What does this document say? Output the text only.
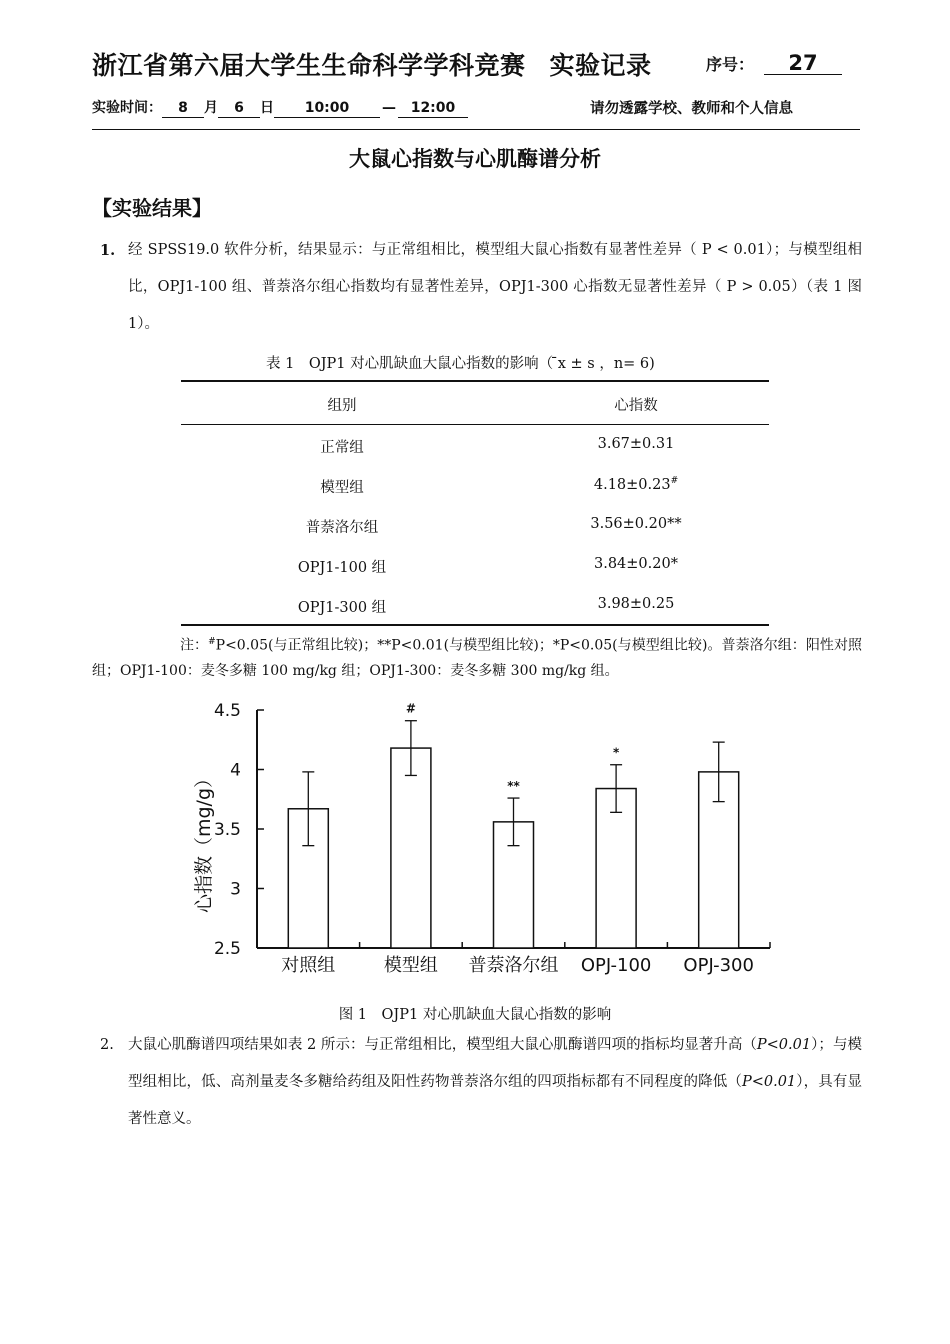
浙江省第六届大学生生命科学学科竞赛 实验记录	序号： 27
实验时间： 8 月 6 日 10:00 — 12:00	请勿透露学校、教师和个人信息
大鼠心指数与心肌酶谱分析
【实验结果】
1. 经 SPSS19.0 软件分析，结果显示：与正常组相比，模型组大鼠心指数有显著性差异（ P < 0.01）；与模型组相比，OPJ1-100 组、普萘洛尔组心指数均有显著性差异，OPJ1-300 心指数无显著性差异（ P > 0.05）（表 1 图 1）。
表 1　OJP1 对心肌缺血大鼠心指数的影响（ ̄x ± s ，n= 6)
组别	心指数
正常组	3.67±0.31
模型组	4.18±0.23#
普萘洛尔组	3.56±0.20**
OPJ1-100 组	3.84±0.20*
OPJ1-300 组	3.98±0.25
注：#P<0.05(与正常组比较)；**P<0.01(与模型组比较)；*P<0.05(与模型组比较)。普萘洛尔组：阳性对照组；OPJ1-100：麦冬多糖 100 mg/kg 组；OPJ1-300：麦冬多糖 300 mg/kg 组。
2.5
3
3.5
4
4.5
心指数（mg/g）
对照组
#
模型组
**
普萘洛尔组
*
OPJ-100 OPJ-300
图 1　OJP1 对心肌缺血大鼠心指数的影响
2. 大鼠心肌酶谱四项结果如表 2 所示：与正常组相比，模型组大鼠心肌酶谱四项的指标均显著升高（P<0.01）；与模型组相比，低、高剂量麦冬多糖给药组及阳性药物普萘洛尔组的四项指标都有不同程度的降低（P<0.01），具有显著性意义。
